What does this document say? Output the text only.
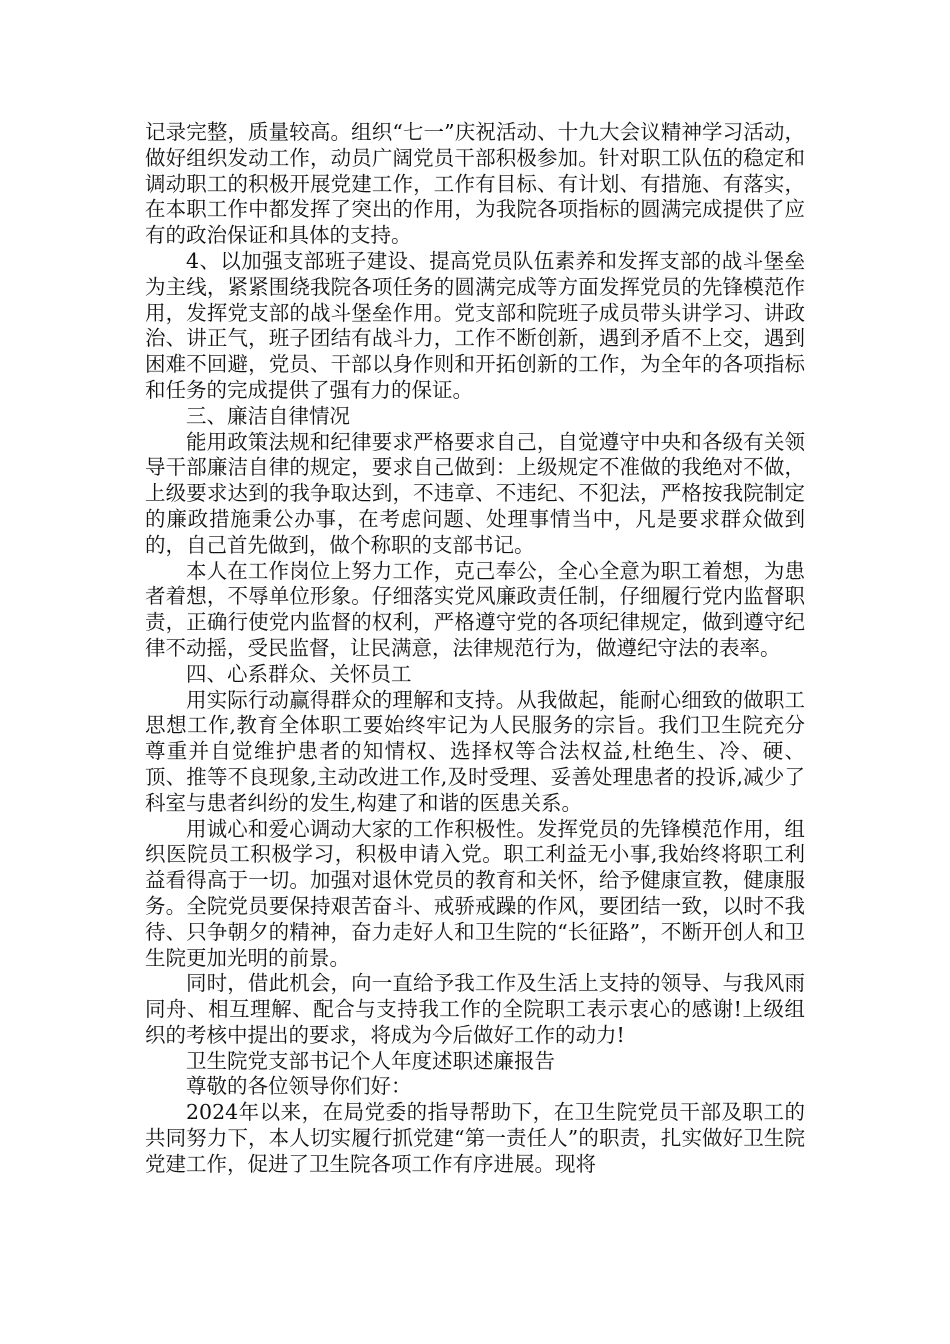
记录完整，质量较高。组织“七一”庆祝活动、十九大会议精神学习活动，做好组织发动工作，动员广阔党员干部积极参加。针对职工队伍的稳定和调动职工的积极开展党建工作，工作有目标、有计划、有措施、有落实，在本职工作中都发挥了突出的作用，为我院各项指标的圆满完成提供了应有的政治保证和具体的支持。

4、以加强支部班子建设、提高党员队伍素养和发挥支部的战斗堡垒为主线，紧紧围绕我院各项任务的圆满完成等方面发挥党员的先锋模范作用，发挥党支部的战斗堡垒作用。党支部和院班子成员带头讲学习、讲政治、讲正气，班子团结有战斗力，工作不断创新，遇到矛盾不上交，遇到困难不回避，党员、干部以身作则和开拓创新的工作，为全年的各项指标和任务的完成提供了强有力的保证。

三、廉洁自律情况

能用政策法规和纪律要求严格要求自己，自觉遵守中央和各级有关领导干部廉洁自律的规定，要求自己做到：上级规定不准做的我绝对不做，上级要求达到的我争取达到，不违章、不违纪、不犯法，严格按我院制定的廉政措施秉公办事，在考虑问题、处理事情当中，凡是要求群众做到的，自己首先做到，做个称职的支部书记。

本人在工作岗位上努力工作，克己奉公，全心全意为职工着想，为患者着想，不辱单位形象。仔细落实党风廉政责任制，仔细履行党内监督职责，正确行使党内监督的权利，严格遵守党的各项纪律规定，做到遵守纪律不动摇，受民监督，让民满意，法律规范行为，做遵纪守法的表率。

四、心系群众、关怀员工

用实际行动赢得群众的理解和支持。从我做起，能耐心细致的做职工思想工作,教育全体职工要始终牢记为人民服务的宗旨。我们卫生院充分尊重并自觉维护患者的知情权、选择权等合法权益,杜绝生、冷、硬、顶、推等不良现象,主动改进工作,及时受理、妥善处理患者的投诉,减少了科室与患者纠纷的发生,构建了和谐的医患关系。

用诚心和爱心调动大家的工作积极性。发挥党员的先锋模范作用，组织医院员工积极学习，积极申请入党。职工利益无小事,我始终将职工利益看得高于一切。加强对退休党员的教育和关怀，给予健康宣教，健康服务。全院党员要保持艰苦奋斗、戒骄戒躁的作风，要团结一致，以时不我待、只争朝夕的精神，奋力走好人和卫生院的“长征路”，不断开创人和卫生院更加光明的前景。

同时，借此机会，向一直给予我工作及生活上支持的领导、与我风雨同舟、相互理解、配合与支持我工作的全院职工表示衷心的感谢!上级组织的考核中提出的要求，将成为今后做好工作的动力!

卫生院党支部书记个人年度述职述廉报告

尊敬的各位领导你们好：

2024年以来，在局党委的指导帮助下，在卫生院党员干部及职工的共同努力下，本人切实履行抓党建“第一责任人”的职责，扎实做好卫生院党建工作，促进了卫生院各项工作有序进展。现将
